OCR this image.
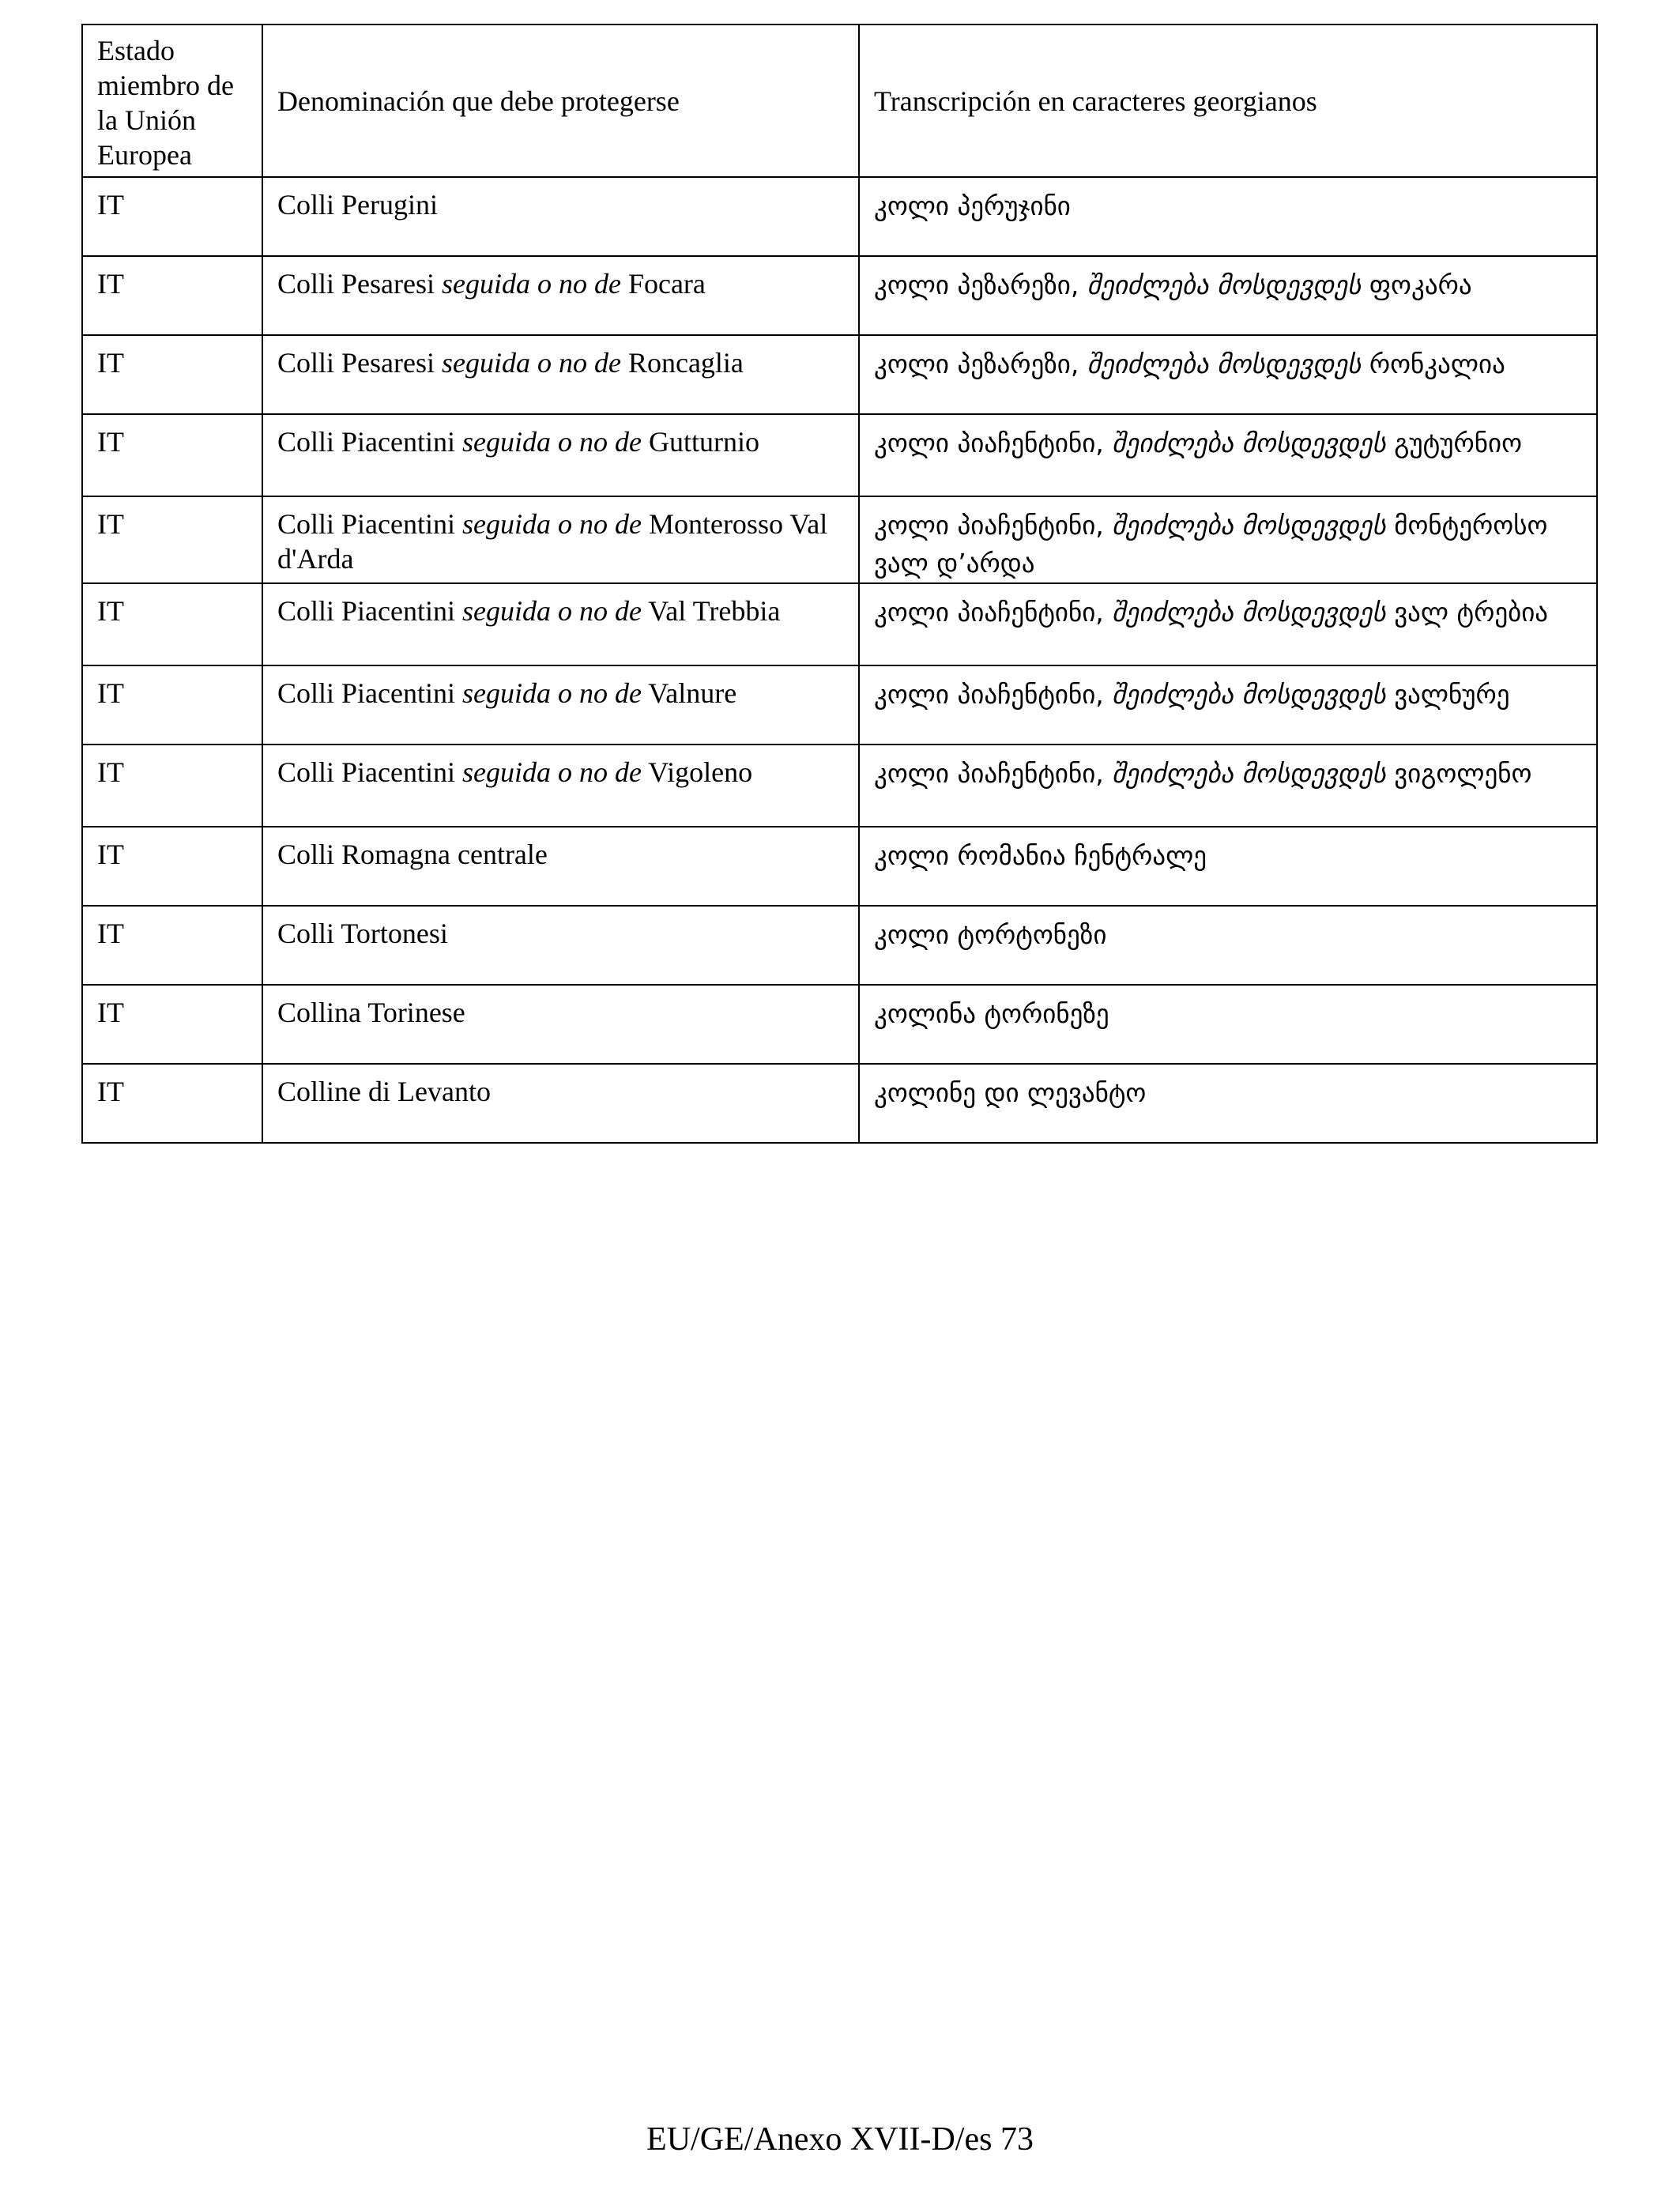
Estado miembro de la Unión Europea	Denominación que debe protegerse	Transcripción en caracteres georgianos
IT	Colli Perugini	კოლი პერუჯინი
IT	Colli Pesaresi seguida o no de Focara	კოლი პეზარეზი, შეიძლება მოსდევდეს ფოკარა
IT	Colli Pesaresi seguida o no de Roncaglia	კოლი პეზარეზი, შეიძლება მოსდევდეს რონკალია
IT	Colli Piacentini seguida o no de Gutturnio	კოლი პიაჩენტინი, შეიძლება მოსდევდეს გუტურნიო
IT	Colli Piacentini seguida o no de Monterosso Val d'Arda	კოლი პიაჩენტინი, შეიძლება მოსდევდეს მონტეროსო ვალ დ’არდა
IT	Colli Piacentini seguida o no de Val Trebbia	კოლი პიაჩენტინი, შეიძლება მოსდევდეს ვალ ტრებია
IT	Colli Piacentini seguida o no de Valnure	კოლი პიაჩენტინი, შეიძლება მოსდევდეს ვალნურე
IT	Colli Piacentini seguida o no de Vigoleno	კოლი პიაჩენტინი, შეიძლება მოსდევდეს ვიგოლენო
IT	Colli Romagna centrale	კოლი რომანია ჩენტრალე
IT	Colli Tortonesi	კოლი ტორტონეზი
IT	Collina Torinese	კოლინა ტორინეზე
IT	Colline di Levanto	კოლინე დი ლევანტო
EU/GE/Anexo XVII-D/es 73
